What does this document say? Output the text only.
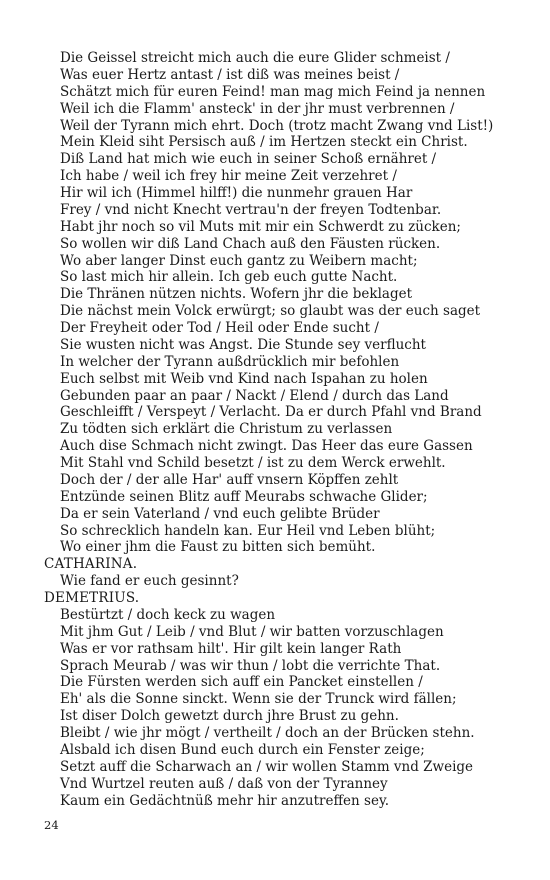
Die Geissel streicht mich auch die eure Glider schmeist /
Was euer Hertz antast / ist diß was meines beist /
Schätzt mich für euren Feind! man mag mich Feind ja nennen
Weil ich die Flamm' ansteck' in der jhr must verbrennen /
Weil der Tyrann mich ehrt. Doch (trotz macht Zwang vnd List!)
Mein Kleid siht Persisch auß / im Hertzen steckt ein Christ.
Diß Land hat mich wie euch in seiner Schoß ernähret /
Ich habe / weil ich frey hir meine Zeit verzehret /
Hir wil ich (Himmel hilff!) die nunmehr grauen Har
Frey / vnd nicht Knecht vertrau'n der freyen Todtenbar.
Habt jhr noch so vil Muts mit mir ein Schwerdt zu zücken;
So wollen wir diß Land Chach auß den Fäusten rücken.
Wo aber langer Dinst euch gantz zu Weibern macht;
So last mich hir allein. Ich geb euch gutte Nacht.
Die Thränen nützen nichts. Wofern jhr die beklaget
Die nächst mein Volck erwürgt; so glaubt was der euch saget
Der Freyheit oder Tod / Heil oder Ende sucht /
Sie wusten nicht was Angst. Die Stunde sey verflucht
In welcher der Tyrann außdrücklich mir befohlen
Euch selbst mit Weib vnd Kind nach Ispahan zu holen
Gebunden paar an paar / Nackt / Elend / durch das Land
Geschleifft / Verspeyt / Verlacht. Da er durch Pfahl vnd Brand
Zu tödten sich erklärt die Christum zu verlassen
Auch dise Schmach nicht zwingt. Das Heer das eure Gassen
Mit Stahl vnd Schild besetzt / ist zu dem Werck erwehlt.
Doch der / der alle Har' auff vnsern Köpffen zehlt
Entzünde seinen Blitz auff Meurabs schwache Glider;
Da er sein Vaterland / vnd euch gelibte Brüder
So schrecklich handeln kan. Eur Heil vnd Leben blüht;
Wo einer jhm die Faust zu bitten sich bemüht.
CATHARINA.
Wie fand er euch gesinnt?
DEMETRIUS.
Bestürtzt / doch keck zu wagen
Mit jhm Gut / Leib / vnd Blut / wir batten vorzuschlagen
Was er vor rathsam hilt'. Hir gilt kein langer Rath
Sprach Meurab / was wir thun / lobt die verrichte That.
Die Fürsten werden sich auff ein Pancket einstellen /
Eh' als die Sonne sinckt. Wenn sie der Trunck wird fällen;
Ist diser Dolch gewetzt durch jhre Brust zu gehn.
Bleibt / wie jhr mögt / vertheilt / doch an der Brücken stehn.
Alsbald ich disen Bund euch durch ein Fenster zeige;
Setzt auff die Scharwach an / wir wollen Stamm vnd Zweige
Vnd Wurtzel reuten auß / daß von der Tyranney
Kaum ein Gedächtnüß mehr hir anzutreffen sey.
24
